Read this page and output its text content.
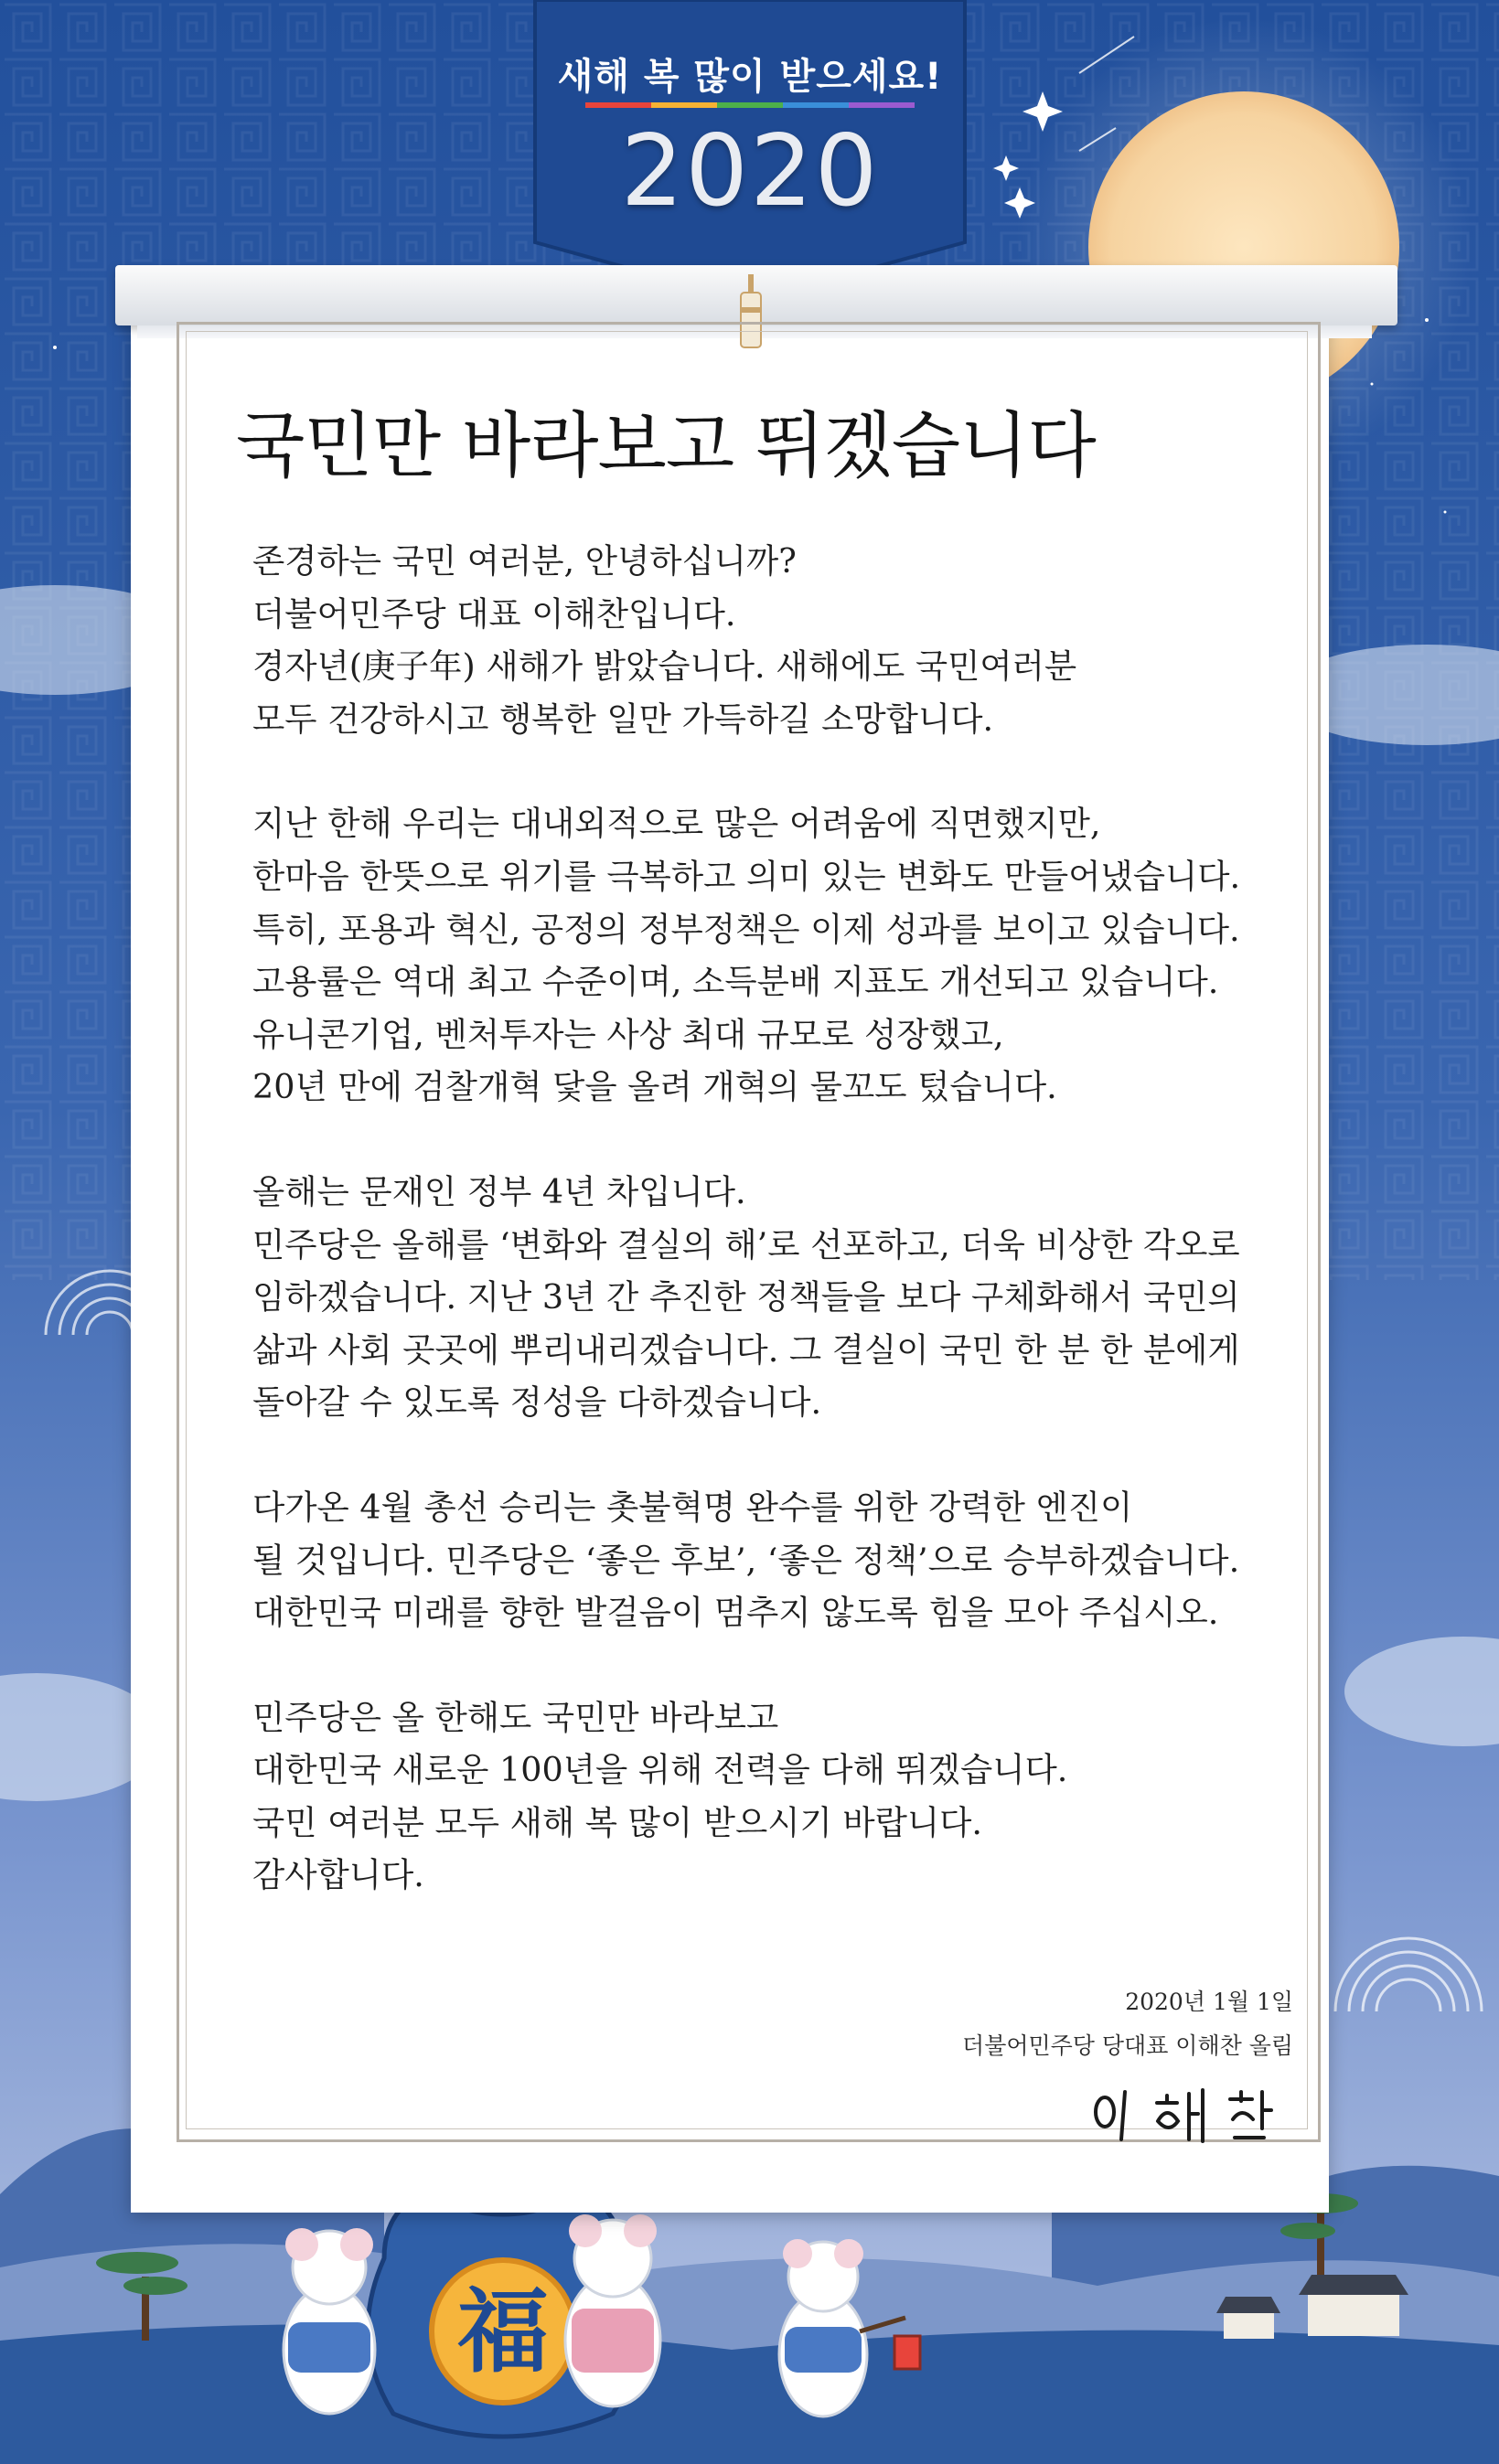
새해 복 많이 받으세요!
2020
국민만 바라보고 뛰겠습니다
존경하는 국민 여러분, 안녕하십니까?
더불어민주당 대표 이해찬입니다.
경자년(庚子年) 새해가 밝았습니다. 새해에도 국민여러분
모두 건강하시고 행복한 일만 가득하길 소망합니다.
지난 한해 우리는 대내외적으로 많은 어려움에 직면했지만,
한마음 한뜻으로 위기를 극복하고 의미 있는 변화도 만들어냈습니다.
특히, 포용과 혁신, 공정의 정부정책은 이제 성과를 보이고 있습니다.
고용률은 역대 최고 수준이며, 소득분배 지표도 개선되고 있습니다.
유니콘기업, 벤처투자는 사상 최대 규모로 성장했고,
20년 만에 검찰개혁 닻을 올려 개혁의 물꼬도 텄습니다.
올해는 문재인 정부 4년 차입니다.
민주당은 올해를 ‘변화와 결실의 해’로 선포하고, 더욱 비상한 각오로
임하겠습니다. 지난 3년 간 추진한 정책들을 보다 구체화해서 국민의
삶과 사회 곳곳에 뿌리내리겠습니다. 그 결실이 국민 한 분 한 분에게
돌아갈 수 있도록 정성을 다하겠습니다.
다가온 4월 총선 승리는 촛불혁명 완수를 위한 강력한 엔진이
될 것입니다. 민주당은 ‘좋은 후보’, ‘좋은 정책’으로 승부하겠습니다.
대한민국 미래를 향한 발걸음이 멈추지 않도록 힘을 모아 주십시오.
민주당은 올 한해도 국민만 바라보고
대한민국 새로운 100년을 위해 전력을 다해 뛰겠습니다.
국민 여러분 모두 새해 복 많이 받으시기 바랍니다.
감사합니다.
2020년 1월 1일
더불어민주당 당대표 이해찬 올림
福
